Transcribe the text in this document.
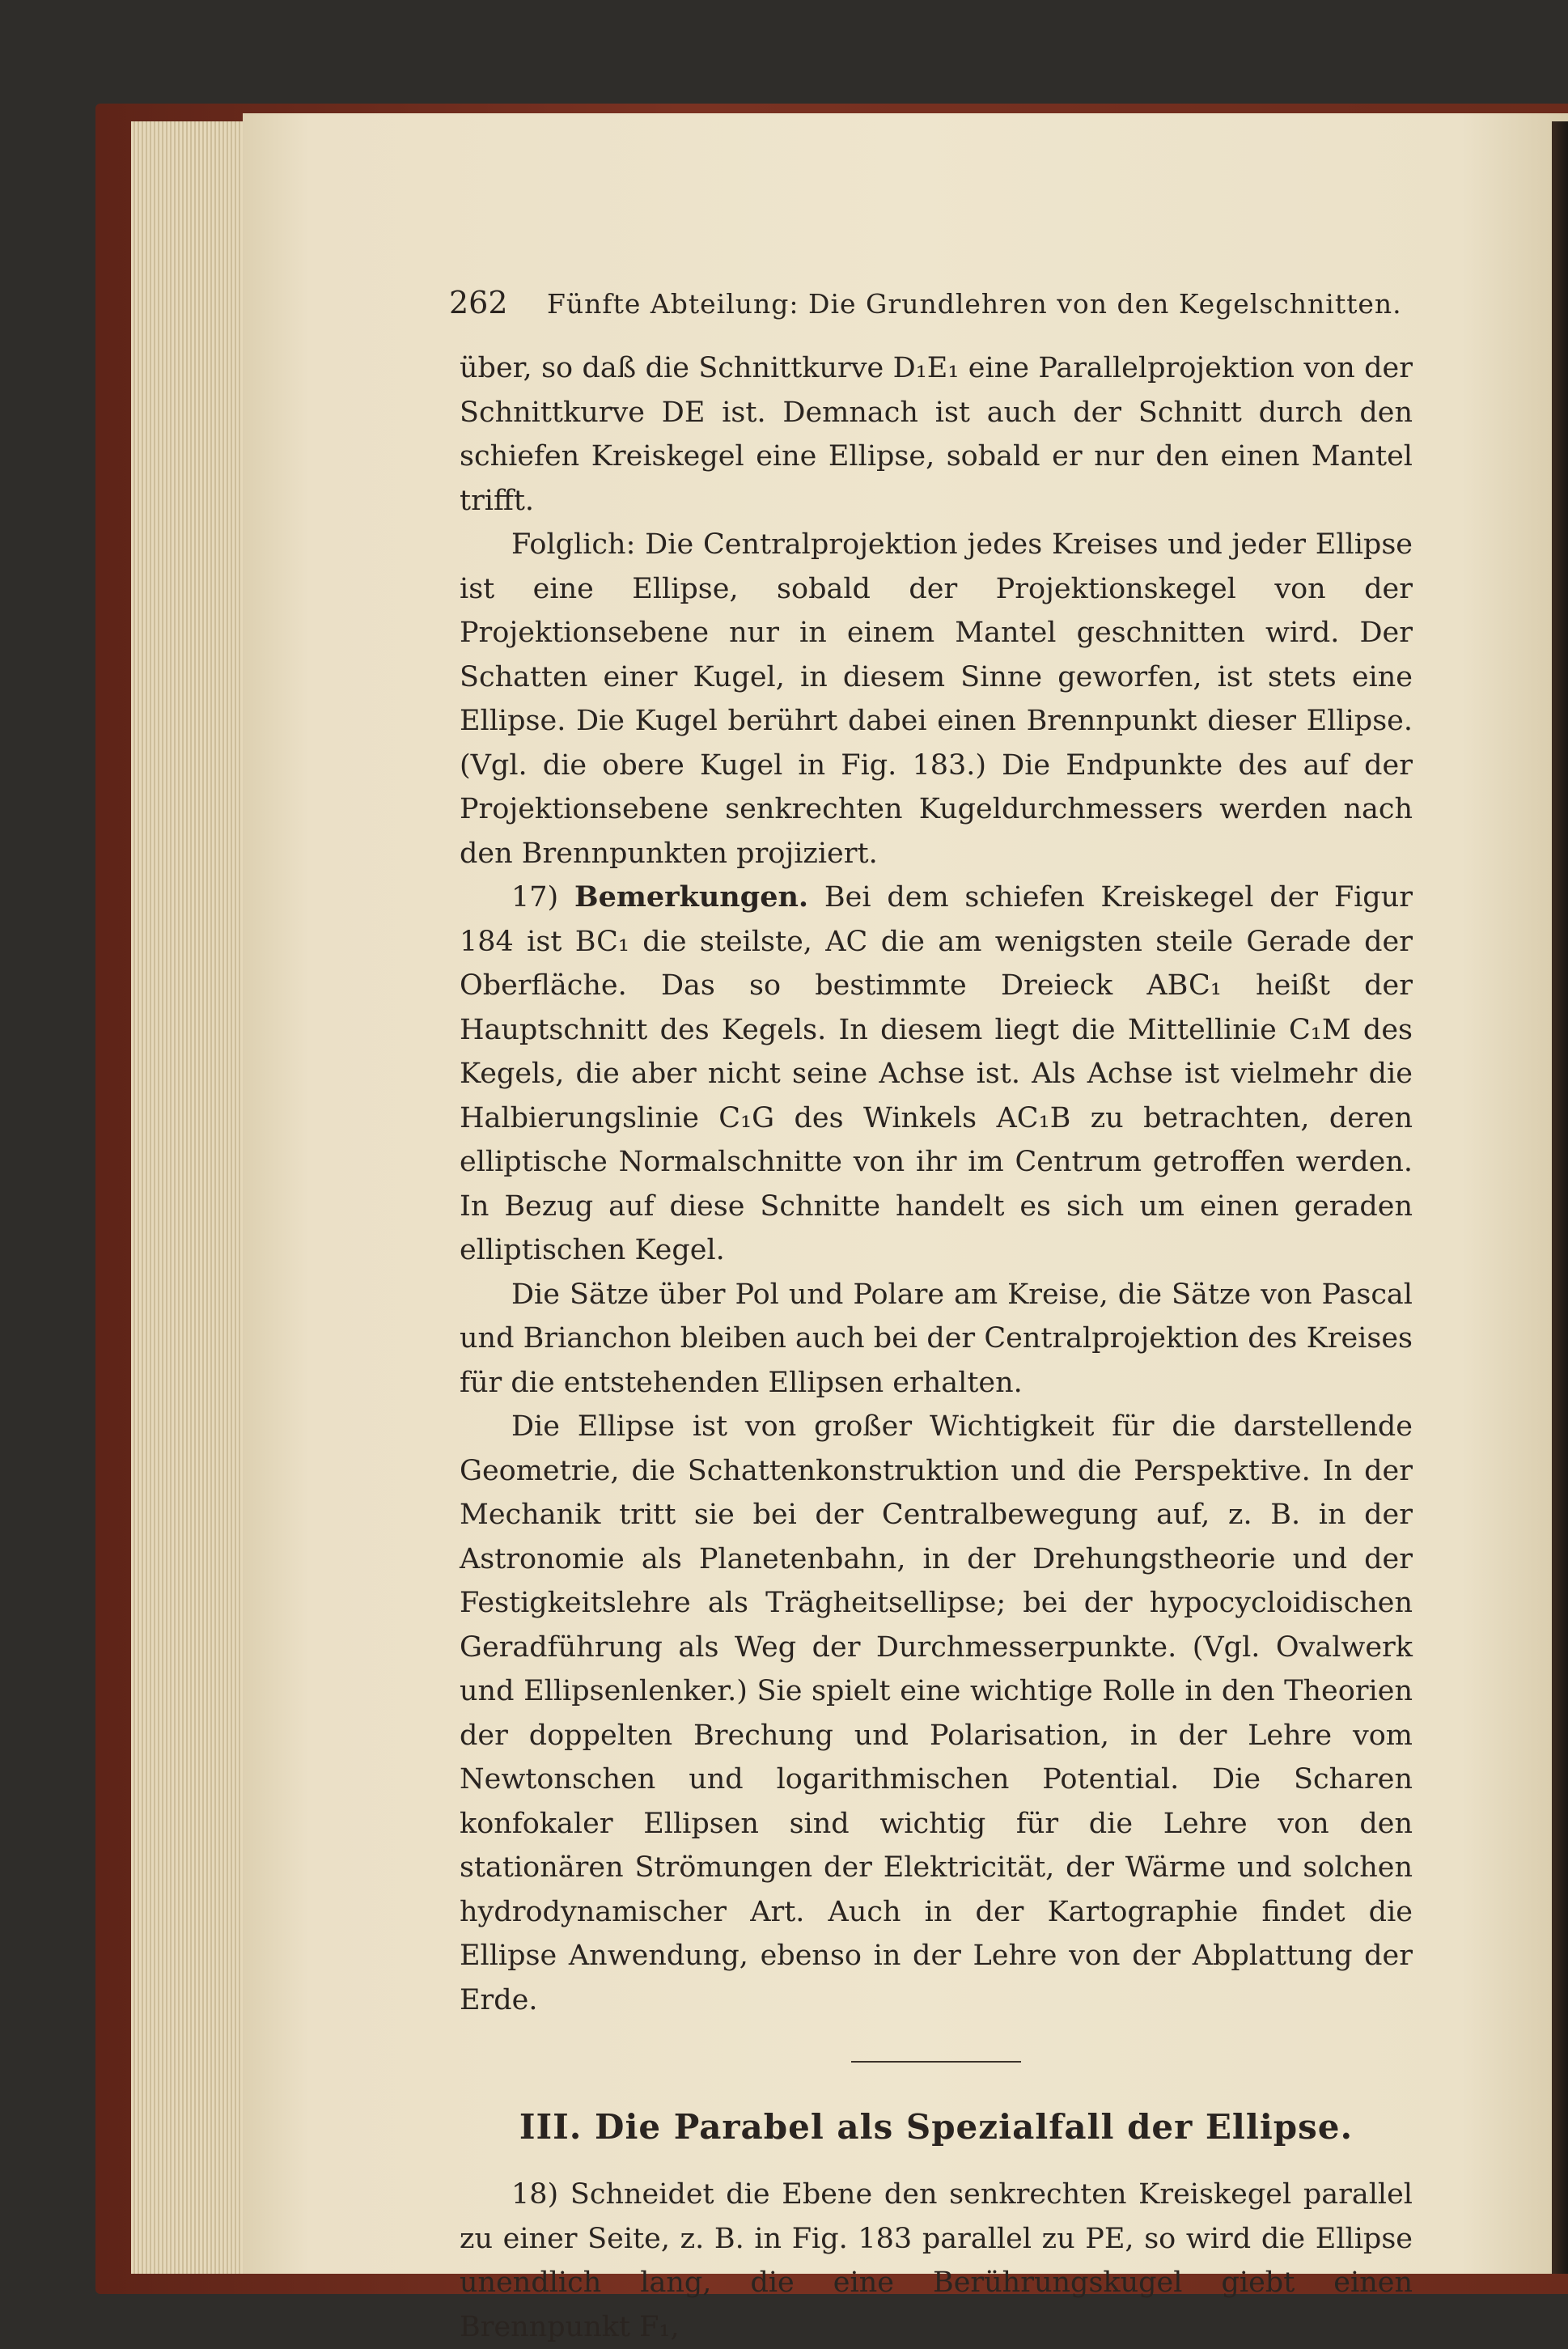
262 Fünfte Abteilung: Die Grundlehren von den Kegelschnitten.

über, so daß die Schnittkurve D₁E₁ eine Parallelprojektion von der Schnittkurve DE ist. Demnach ist auch der Schnitt durch den schiefen Kreiskegel eine Ellipse, sobald er nur den einen Mantel trifft.

Folglich: Die Centralprojektion jedes Kreises und jeder Ellipse ist eine Ellipse, sobald der Projektionskegel von der Projektionsebene nur in einem Mantel geschnitten wird. Der Schatten einer Kugel, in diesem Sinne geworfen, ist stets eine Ellipse. Die Kugel berührt dabei einen Brennpunkt dieser Ellipse. (Vgl. die obere Kugel in Fig. 183.) Die Endpunkte des auf der Projektionsebene senkrechten Kugeldurchmessers werden nach den Brennpunkten projiziert.

17) Bemerkungen. Bei dem schiefen Kreiskegel der Figur 184 ist BC₁ die steilste, AC die am wenigsten steile Gerade der Oberfläche. Das so bestimmte Dreieck ABC₁ heißt der Hauptschnitt des Kegels. In diesem liegt die Mittellinie C₁M des Kegels, die aber nicht seine Achse ist. Als Achse ist vielmehr die Halbierungslinie C₁G des Winkels AC₁B zu betrachten, deren elliptische Normalschnitte von ihr im Centrum getroffen werden. In Bezug auf diese Schnitte handelt es sich um einen geraden elliptischen Kegel.

Die Sätze über Pol und Polare am Kreise, die Sätze von Pascal und Brianchon bleiben auch bei der Centralprojektion des Kreises für die entstehenden Ellipsen erhalten.

Die Ellipse ist von großer Wichtigkeit für die darstellende Geometrie, die Schattenkonstruktion und die Perspektive. In der Mechanik tritt sie bei der Centralbewegung auf, z. B. in der Astronomie als Planetenbahn, in der Drehungstheorie und der Festigkeitslehre als Trägheitsellipse; bei der hypocycloidischen Geradführung als Weg der Durchmesserpunkte. (Vgl. Ovalwerk und Ellipsenlenker.) Sie spielt eine wichtige Rolle in den Theorien der doppelten Brechung und Polarisation, in der Lehre vom Newtonschen und logarithmischen Potential. Die Scharen konfokaler Ellipsen sind wichtig für die Lehre von den stationären Strömungen der Elektricität, der Wärme und solchen hydrodynamischer Art. Auch in der Kartographie findet die Ellipse Anwendung, ebenso in der Lehre von der Abplattung der Erde.

III. Die Parabel als Spezialfall der Ellipse.

18) Schneidet die Ebene den senkrechten Kreiskegel parallel zu einer Seite, z. B. in Fig. 183 parallel zu PE, so wird die Ellipse unendlich lang, die eine Berührungskugel giebt einen Brennpunkt F₁,
